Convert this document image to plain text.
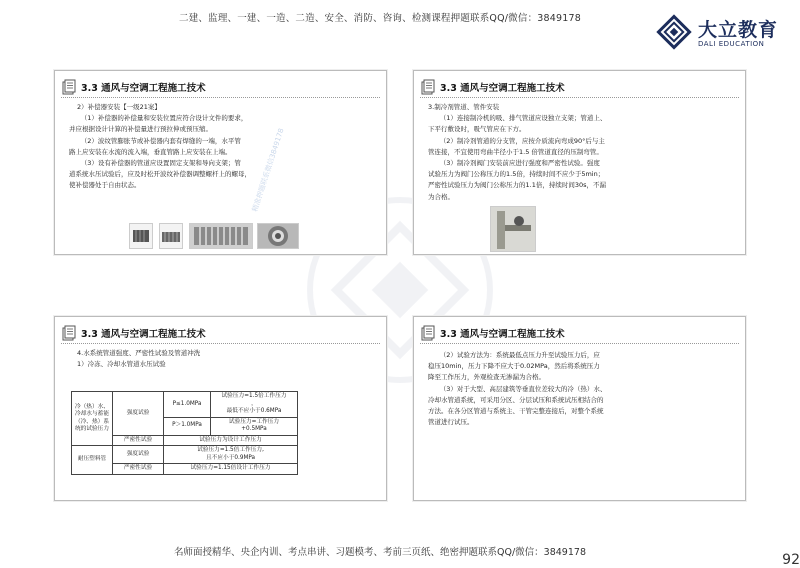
二建、监理、一建、一造、二造、安全、消防、咨询、检测课程押题联系QQ/微信：3849178
大立教育
DALI EDUCATION
3.3 通风与空调工程施工技术

2）补偿器安装【一级21案】

（1）补偿器的补偿量和安装位置应符合设计文件的要求，

并应根据设计计算的补偿量进行预拉伸或预压缩。

（2）波纹管膨胀节或补偿器内套有焊缝的一端，水平管

路上应安装在水流的流入端，垂直管路上应安装在上端。

（3）设有补偿器的管道应设置固定支架和导向支架；管

道系统水压试验后，应及时松开波纹补偿器调整螺杆上的螺母，

使补偿器处于自由状态。

3.3 通风与空调工程施工技术

3.制冷剂管道、管件安装

（1）连接制冷机的吸、排气管道应设独立支架；管道上、

下平行敷设时，吸气管应在下方。

（2）制冷剂管道的分支管，应按介质流向弯成90°后与主

管连接，不宜使用弯曲半径小于1.5 倍管道直径的压制弯管。

（3）制冷剂阀门安装前应进行强度和严密性试验。强度

试验压力为阀门公称压力的1.5倍，持续时间不应少于5min；

严密性试验压力为阀门公称压力的1.1倍，持续时间30s，不漏

为合格。

3.3 通风与空调工程施工技术

4.水系统管道强度、严密性试验及管道冲洗

1）冷冻、冷却水管道水压试验

冷（热）水、冷却水与蓄能（冷、热）系统的试验压力	强度试验	P≤1.0MPa	试验压力=1.5倍工作压力
，
最低不应小于0.6MPa

		P＞1.0MPa	试验压力=工作压力
+0.5MPa

	严密性试验	试验压力为设计工作压力	
耐压塑料管	强度试验	试验压力=1.5倍工作压力,
且不应小于0.9MPa	

	严密性试验	试验压力=1.15倍设计工作压力	
3.3 通风与空调工程施工技术

（2）试验方法为：系统最低点压力升至试验压力后，应

稳压10min，压力下降不应大于0.02MPa，然后将系统压力

降至工作压力，外观检查无渗漏为合格。

（3）对于大型、高层建筑等垂直位差较大的冷（热）水、

冷却水管道系统，可采用分区、分层试压和系统试压相结合的

方法。在各分区管道与系统主、干管完整连接后，对整个系统

管道进行试压。

精准押题联系微信3849178
名师面授精华、央企内训、考点串讲、习题模考、考前三页纸、绝密押题联系QQ/微信：3849178	92
